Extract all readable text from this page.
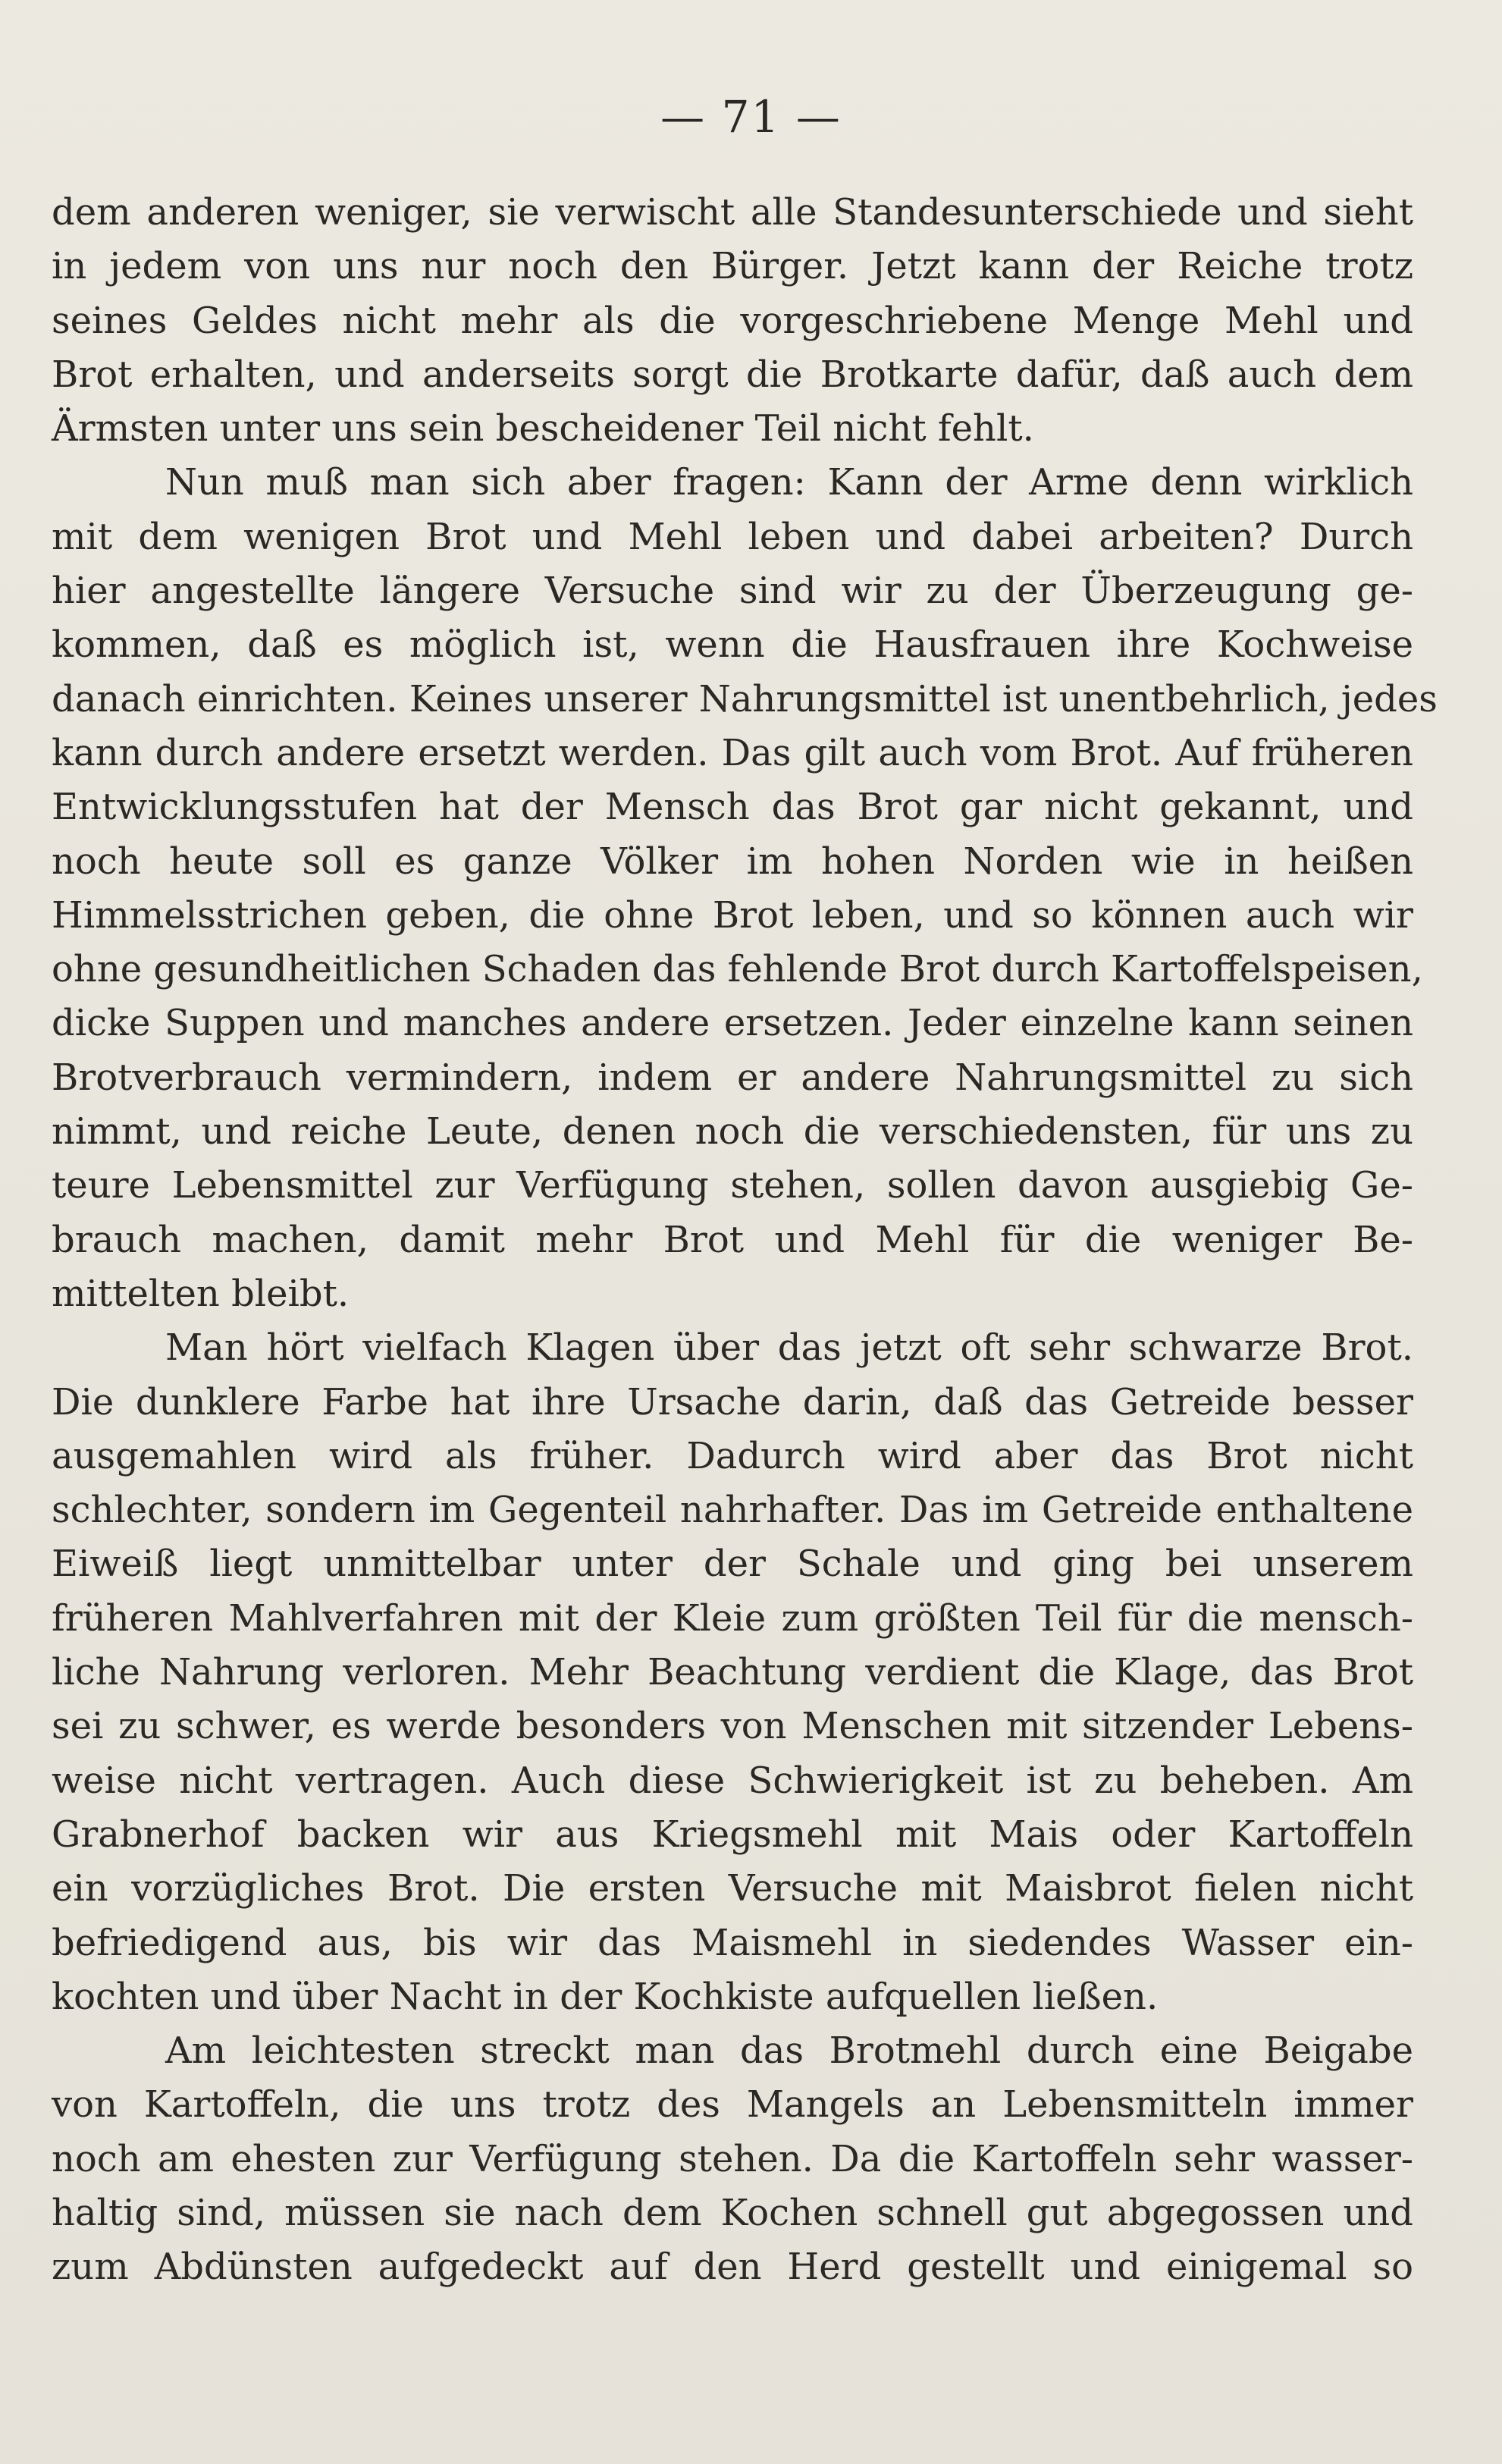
— 71 —

dem anderen weniger, sie verwischt alle Standesunterschiede und sieht
in jedem von uns nur noch den Bürger. Jetzt kann der Reiche trotz
seines Geldes nicht mehr als die vorgeschriebene Menge Mehl und
Brot erhalten, und anderseits sorgt die Brotkarte dafür, daß auch dem
Ärmsten unter uns sein bescheidener Teil nicht fehlt.

Nun muß man sich aber fragen: Kann der Arme denn wirklich
mit dem wenigen Brot und Mehl leben und dabei arbeiten? Durch
hier angestellte längere Versuche sind wir zu der Überzeugung ge-
kommen, daß es möglich ist, wenn die Hausfrauen ihre Kochweise
danach einrichten. Keines unserer Nahrungsmittel ist unentbehrlich, jedes
kann durch andere ersetzt werden. Das gilt auch vom Brot. Auf früheren
Entwicklungsstufen hat der Mensch das Brot gar nicht gekannt, und
noch heute soll es ganze Völker im hohen Norden wie in heißen
Himmelsstrichen geben, die ohne Brot leben, und so können auch wir
ohne gesundheitlichen Schaden das fehlende Brot durch Kartoffelspeisen,
dicke Suppen und manches andere ersetzen. Jeder einzelne kann seinen
Brotverbrauch vermindern, indem er andere Nahrungsmittel zu sich
nimmt, und reiche Leute, denen noch die verschiedensten, für uns zu
teure Lebensmittel zur Verfügung stehen, sollen davon ausgiebig Ge-
brauch machen, damit mehr Brot und Mehl für die weniger Be-
mittelten bleibt.

Man hört vielfach Klagen über das jetzt oft sehr schwarze Brot.
Die dunklere Farbe hat ihre Ursache darin, daß das Getreide besser
ausgemahlen wird als früher. Dadurch wird aber das Brot nicht
schlechter, sondern im Gegenteil nahrhafter. Das im Getreide enthaltene
Eiweiß liegt unmittelbar unter der Schale und ging bei unserem
früheren Mahlverfahren mit der Kleie zum größten Teil für die mensch-
liche Nahrung verloren. Mehr Beachtung verdient die Klage, das Brot
sei zu schwer, es werde besonders von Menschen mit sitzender Lebens-
weise nicht vertragen. Auch diese Schwierigkeit ist zu beheben. Am
Grabnerhof backen wir aus Kriegsmehl mit Mais oder Kartoffeln
ein vorzügliches Brot. Die ersten Versuche mit Maisbrot fielen nicht
befriedigend aus, bis wir das Maismehl in siedendes Wasser ein-
kochten und über Nacht in der Kochkiste aufquellen ließen.

Am leichtesten streckt man das Brotmehl durch eine Beigabe
von Kartoffeln, die uns trotz des Mangels an Lebensmitteln immer
noch am ehesten zur Verfügung stehen. Da die Kartoffeln sehr wasser-
haltig sind, müssen sie nach dem Kochen schnell gut abgegossen und
zum Abdünsten aufgedeckt auf den Herd gestellt und einigemal so
